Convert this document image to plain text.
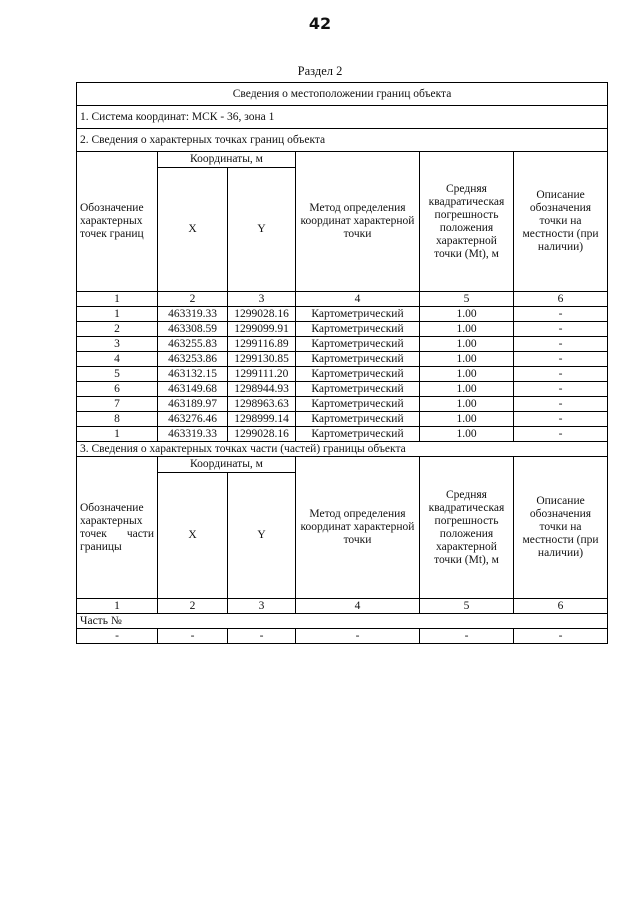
42
Раздел 2
Сведения о местоположении границ объекта					
1. Система координат: МСК - 36, зона 1					
2. Сведения о характерных точках границ объекта					
Обозначение характерных точек границ	Координаты, м		Метод определения координат характерной точки	Средняя квадратическая погрешность положения характерной точки (Mt), м	Описание обозначения точки на местности (при наличии)
	X	Y			
1	2	3	4	5	6
1	463319.33	1299028.16	Картометрический	1.00	-
2	463308.59	1299099.91	Картометрический	1.00	-
3	463255.83	1299116.89	Картометрический	1.00	-
4	463253.86	1299130.85	Картометрический	1.00	-
5	463132.15	1299111.20	Картометрический	1.00	-
6	463149.68	1298944.93	Картометрический	1.00	-
7	463189.97	1298963.63	Картометрический	1.00	-
8	463276.46	1298999.14	Картометрический	1.00	-
1	463319.33	1299028.16	Картометрический	1.00	-
3. Сведения о характерных точках части (частей) границы объекта					
Обозначение характерных точек части границы	Координаты, м		Метод определения координат характерной точки	Средняя квадратическая погрешность положения характерной точки (Mt), м	Описание обозначения точки на местности (при наличии)
	X	Y			
1	2	3	4	5	6
Часть №					
-	-	-	-	-	-
